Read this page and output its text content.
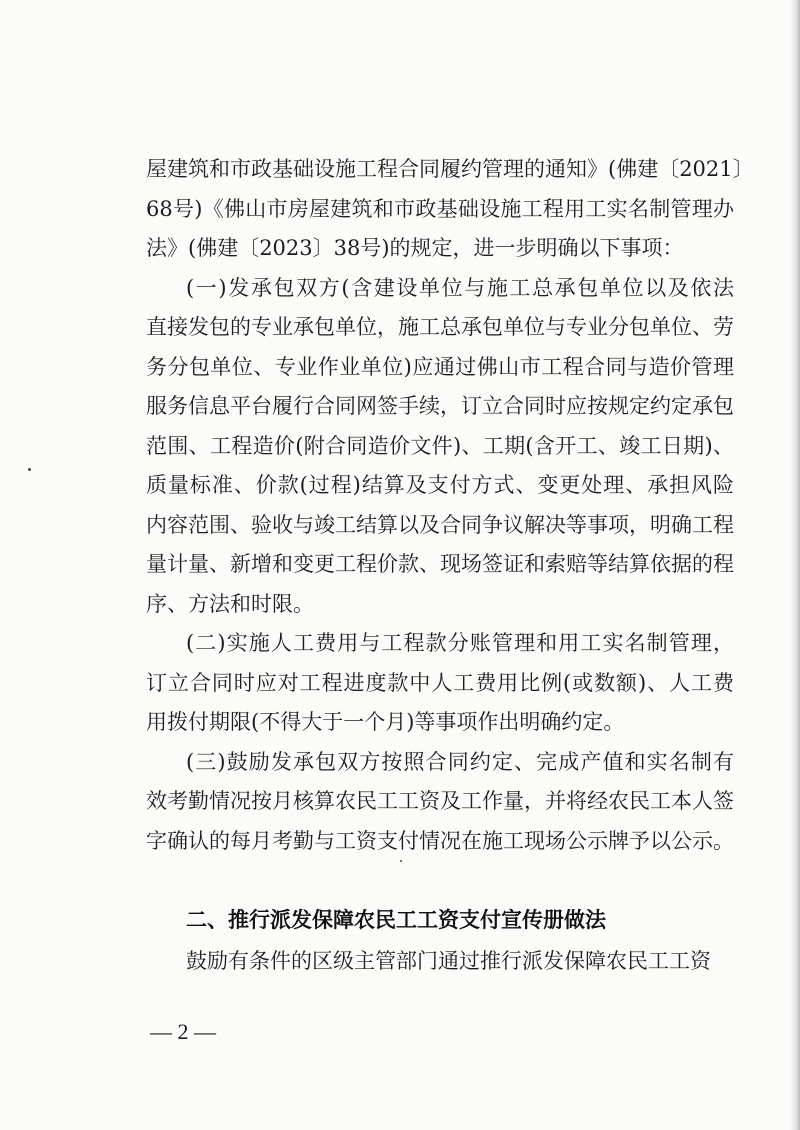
屋建筑和市政基础设施工程合同履约管理的通知》(佛建〔2021〕
68号)《佛山市房屋建筑和市政基础设施工程用工实名制管理办
法》(佛建〔2023〕38号)的规定，进一步明确以下事项：
(一)发承包双方(含建设单位与施工总承包单位以及依法
直接发包的专业承包单位，施工总承包单位与专业分包单位、劳
务分包单位、专业作业单位)应通过佛山市工程合同与造价管理
服务信息平台履行合同网签手续，订立合同时应按规定约定承包
范围、工程造价(附合同造价文件)、工期(含开工、竣工日期)、
质量标准、价款(过程)结算及支付方式、变更处理、承担风险
内容范围、验收与竣工结算以及合同争议解决等事项，明确工程
量计量、新增和变更工程价款、现场签证和索赔等结算依据的程
序、方法和时限。
(二)实施人工费用与工程款分账管理和用工实名制管理，
订立合同时应对工程进度款中人工费用比例(或数额)、人工费
用拨付期限(不得大于一个月)等事项作出明确约定。
(三)鼓励发承包双方按照合同约定、完成产值和实名制有
效考勤情况按月核算农民工工资及工作量，并将经农民工本人签
字确认的每月考勤与工资支付情况在施工现场公示牌予以公示。
二、推行派发保障农民工工资支付宣传册做法
鼓励有条件的区级主管部门通过推行派发保障农民工工资
— 2 —
